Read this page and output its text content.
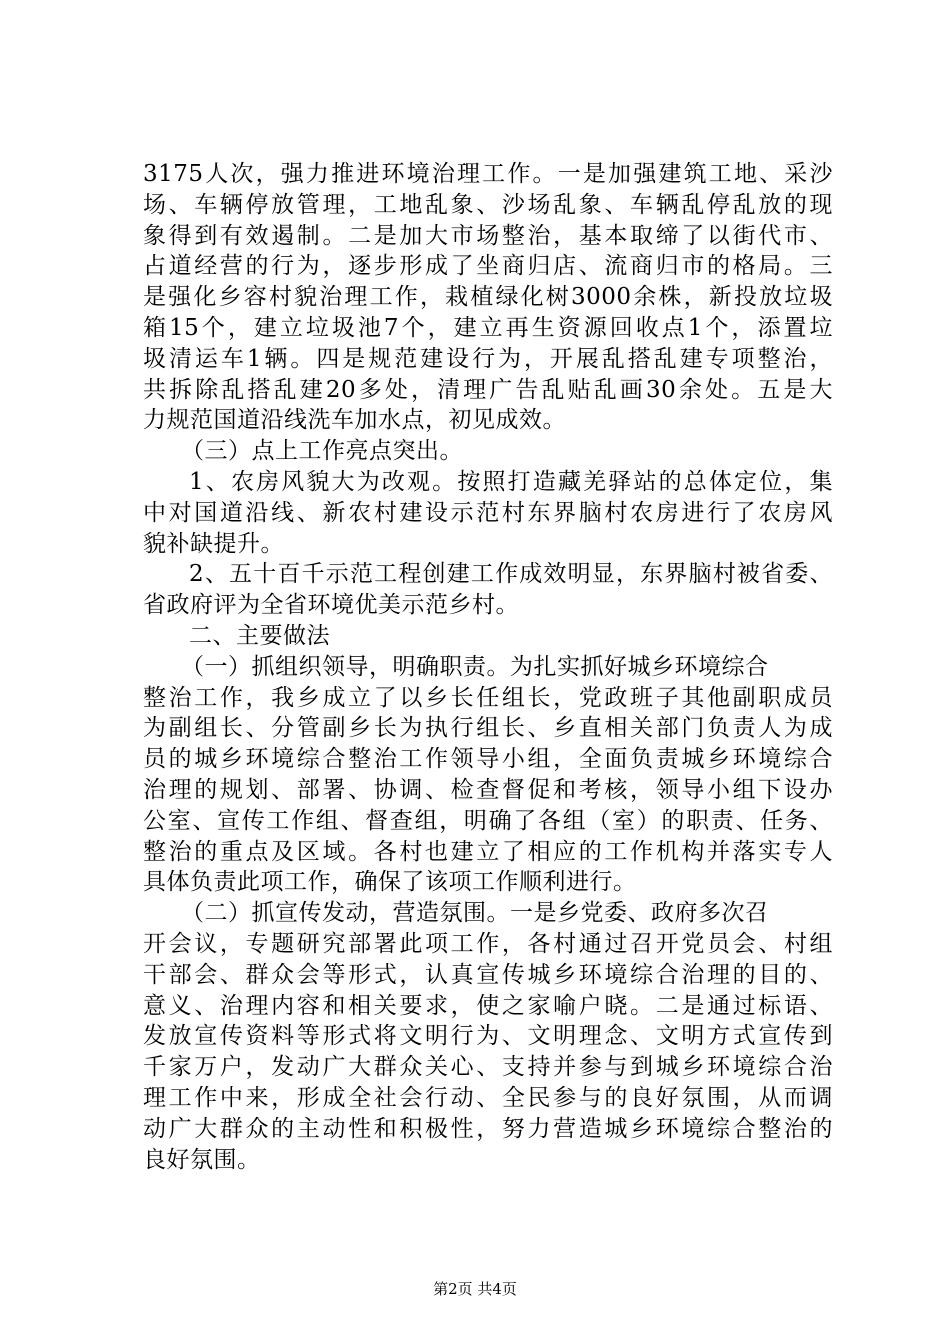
3175人次，强力推进环境治理工作。一是加强建筑工地、采沙
场、车辆停放管理，工地乱象、沙场乱象、车辆乱停乱放的现
象得到有效遏制。二是加大市场整治，基本取缔了以街代市、
占道经营的行为，逐步形成了坐商归店、流商归市的格局。三
是强化乡容村貌治理工作，栽植绿化树3000余株，新投放垃圾
箱15个，建立垃圾池7个，建立再生资源回收点1个，添置垃
圾清运车1辆。四是规范建设行为，开展乱搭乱建专项整治，
共拆除乱搭乱建20多处，清理广告乱贴乱画30余处。五是大
力规范国道沿线洗车加水点，初见成效。
（三）点上工作亮点突出。
1、农房风貌大为改观。按照打造藏羌驿站的总体定位，集
中对国道沿线、新农村建设示范村东界脑村农房进行了农房风
貌补缺提升。
2、五十百千示范工程创建工作成效明显，东界脑村被省委、
省政府评为全省环境优美示范乡村。
二、主要做法
（一）抓组织领导，明确职责。为扎实抓好城乡环境综合
整治工作，我乡成立了以乡长任组长，党政班子其他副职成员
为副组长、分管副乡长为执行组长、乡直相关部门负责人为成
员的城乡环境综合整治工作领导小组，全面负责城乡环境综合
治理的规划、部署、协调、检查督促和考核，领导小组下设办
公室、宣传工作组、督查组，明确了各组（室）的职责、任务、
整治的重点及区域。各村也建立了相应的工作机构并落实专人
具体负责此项工作，确保了该项工作顺利进行。
（二）抓宣传发动，营造氛围。一是乡党委、政府多次召
开会议，专题研究部署此项工作，各村通过召开党员会、村组
干部会、群众会等形式，认真宣传城乡环境综合治理的目的、
意义、治理内容和相关要求，使之家喻户晓。二是通过标语、
发放宣传资料等形式将文明行为、文明理念、文明方式宣传到
千家万户，发动广大群众关心、支持并参与到城乡环境综合治
理工作中来，形成全社会行动、全民参与的良好氛围，从而调
动广大群众的主动性和积极性，努力营造城乡环境综合整治的
良好氛围。
第2页 共4页
